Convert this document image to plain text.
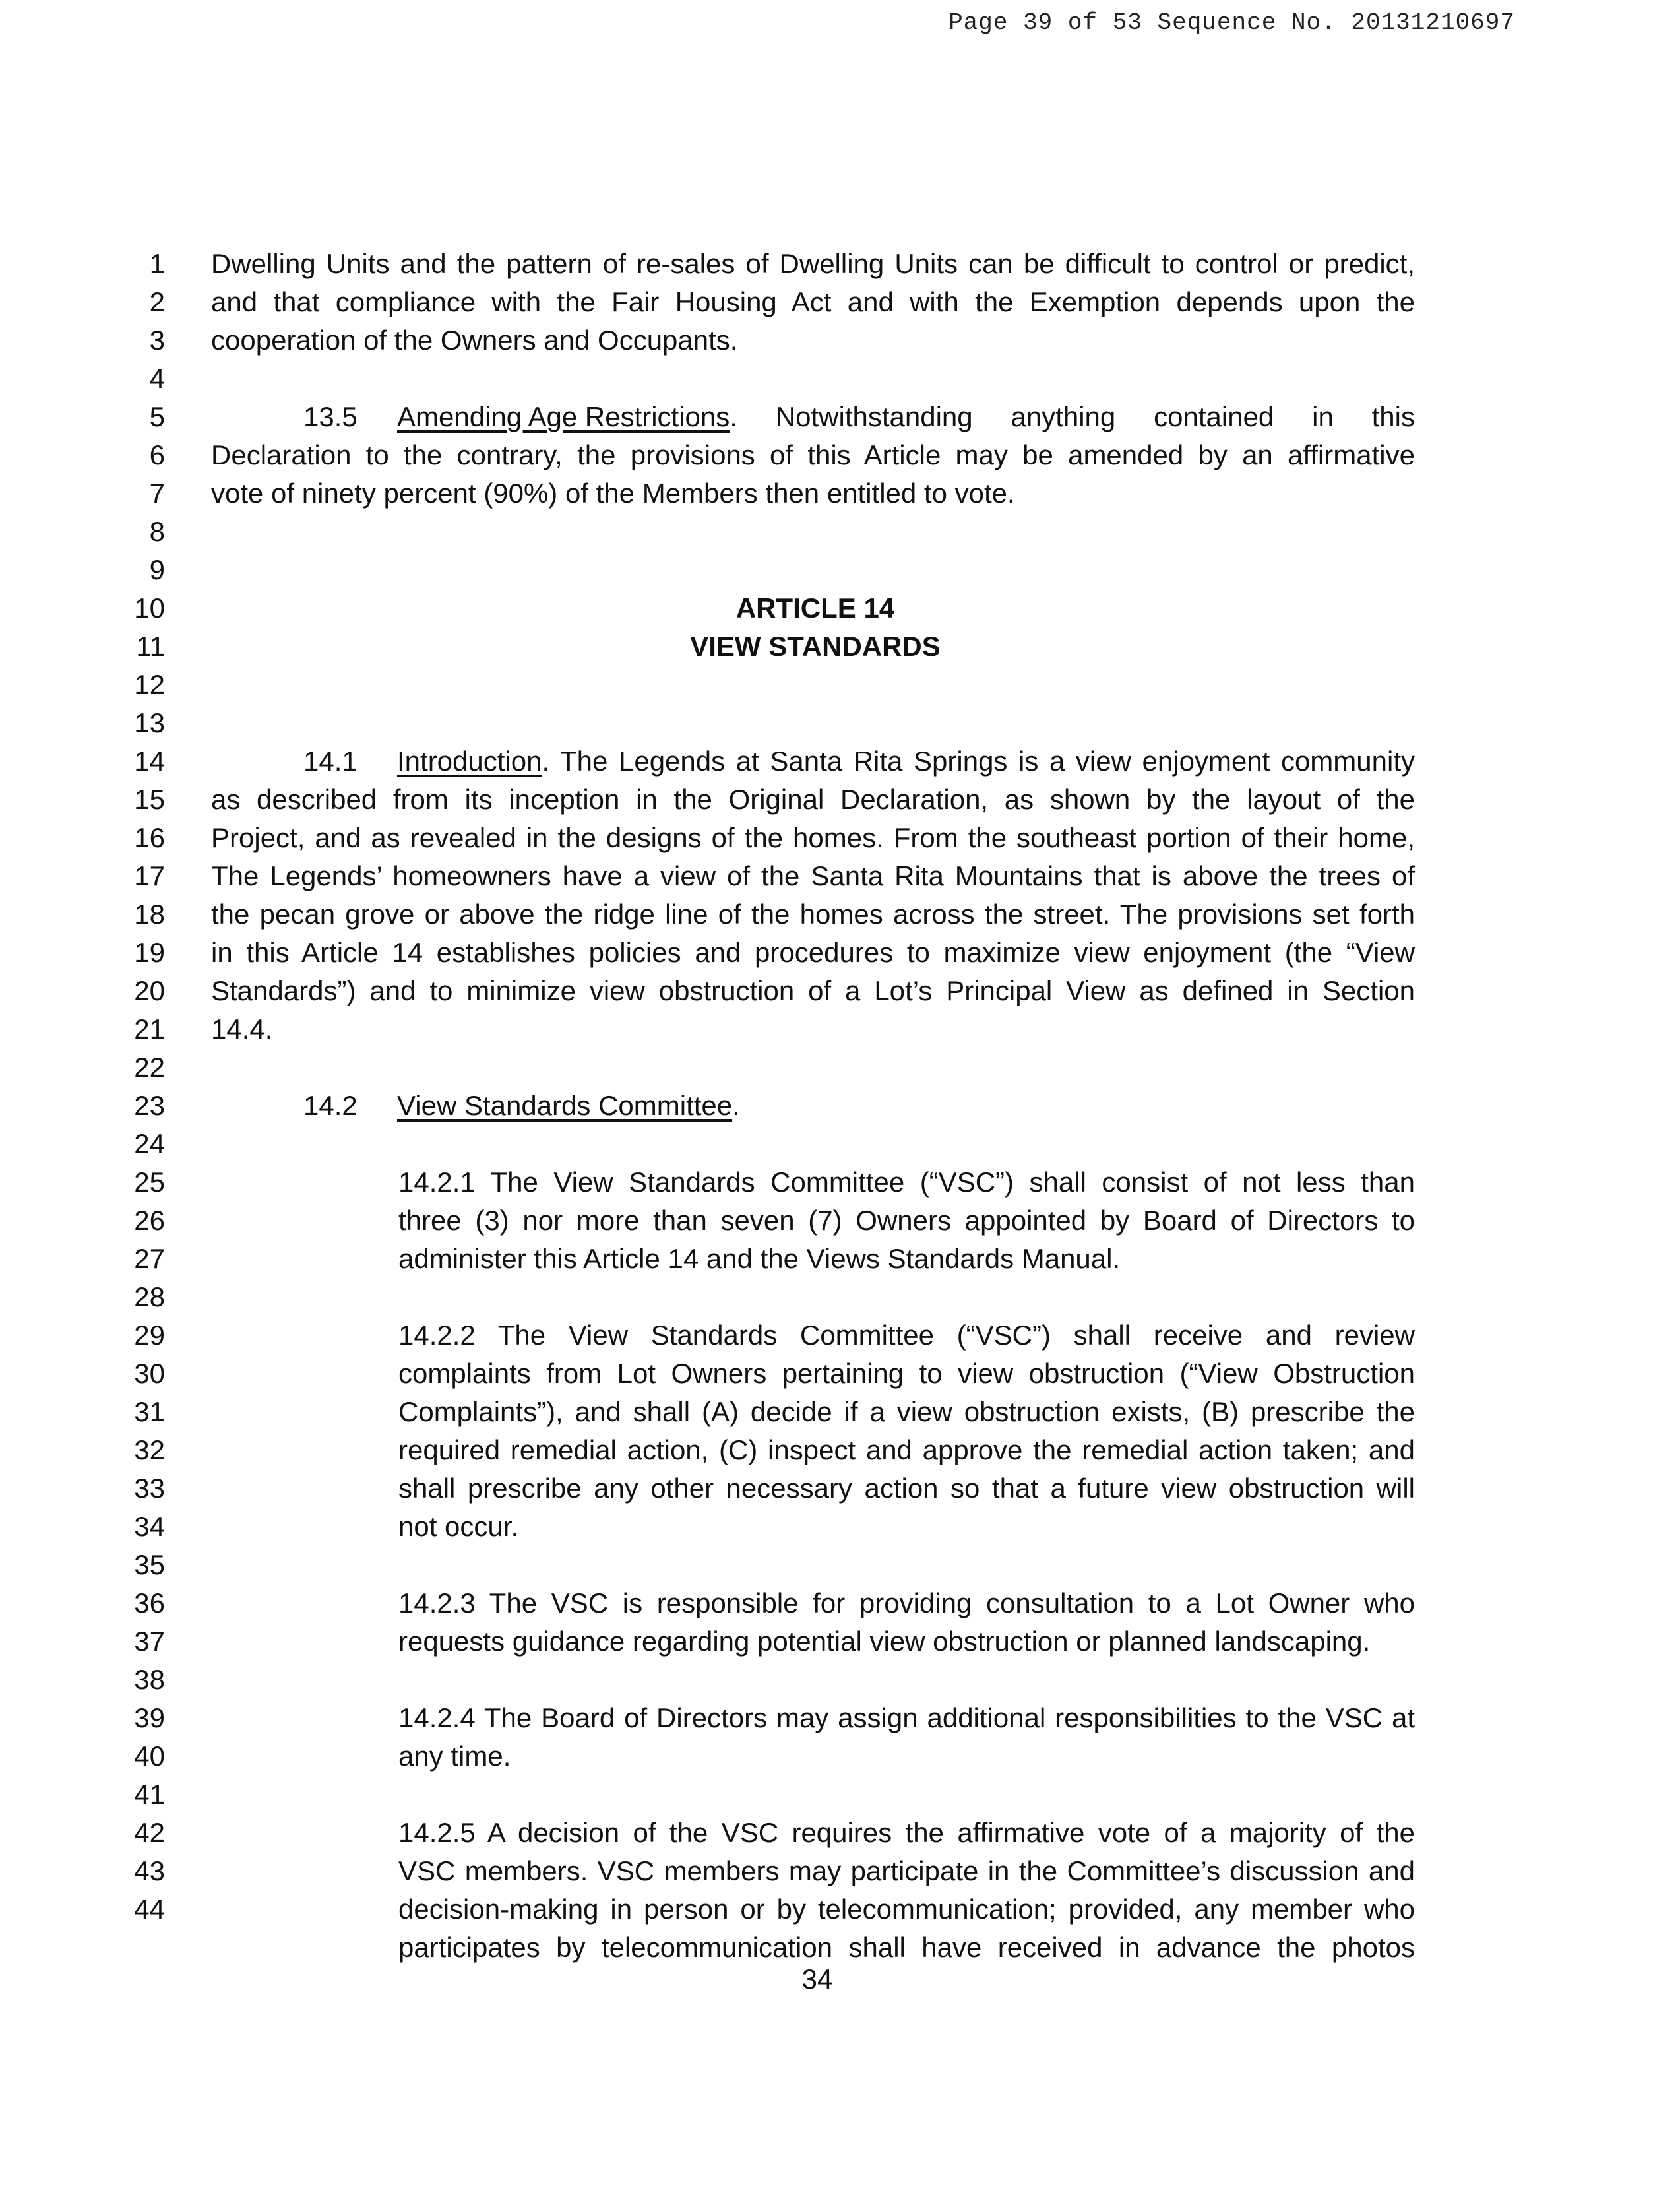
Page 39 of 53 Sequence No. 20131210697
1
2
3
4
5
6
7
8
9
10
11
12
13
14
15
16
17
18
19
20
21
22
23
24
25
26
27
28
29
30
31
32
33
34
35
36
37
38
39
40
41
42
43
44
Dwelling Units and the pattern of re-sales of Dwelling Units can be difficult to control or predict,
and that compliance with the Fair Housing Act and with the Exemption depends upon the
cooperation of the Owners and Occupants.
13.5 Amending Age Restrictions . Notwithstanding anything contained in this
Declaration to the contrary, the provisions of this Article may be amended by an affirmative
vote of ninety percent (90%) of the Members then entitled to vote.
ARTICLE 14
VIEW STANDARDS
14.1 Introduction . The Legends at Santa Rita Springs is a view enjoyment community
as described from its inception in the Original Declaration, as shown by the layout of the
Project, and as revealed in the designs of the homes. From the southeast portion of their home,
The Legends’ homeowners have a view of the Santa Rita Mountains that is above the trees of
the pecan grove or above the ridge line of the homes across the street. The provisions set forth
in this Article 14 establishes policies and procedures to maximize view enjoyment (the “View
Standards”) and to minimize view obstruction of a Lot’s Principal View as defined in Section
14.4.
14.2 View Standards Committee.
14.2.1 The View Standards Committee (“VSC”) shall consist of not less than
three (3) nor more than seven (7) Owners appointed by Board of Directors to
administer this Article 14 and the Views Standards Manual.
14.2.2 The View Standards Committee (“VSC”) shall receive and review
complaints from Lot Owners pertaining to view obstruction (“View Obstruction
Complaints”), and shall (A) decide if a view obstruction exists, (B) prescribe the
required remedial action, (C) inspect and approve the remedial action taken; and
shall prescribe any other necessary action so that a future view obstruction will
not occur.
14.2.3 The VSC is responsible for providing consultation to a Lot Owner who
requests guidance regarding potential view obstruction or planned landscaping.
14.2.4 The Board of Directors may assign additional responsibilities to the VSC at
any time.
14.2.5 A decision of the VSC requires the affirmative vote of a majority of the
VSC members. VSC members may participate in the Committee’s discussion and
decision-making in person or by telecommunication; provided, any member who
participates by telecommunication shall have received in advance the photos
34
